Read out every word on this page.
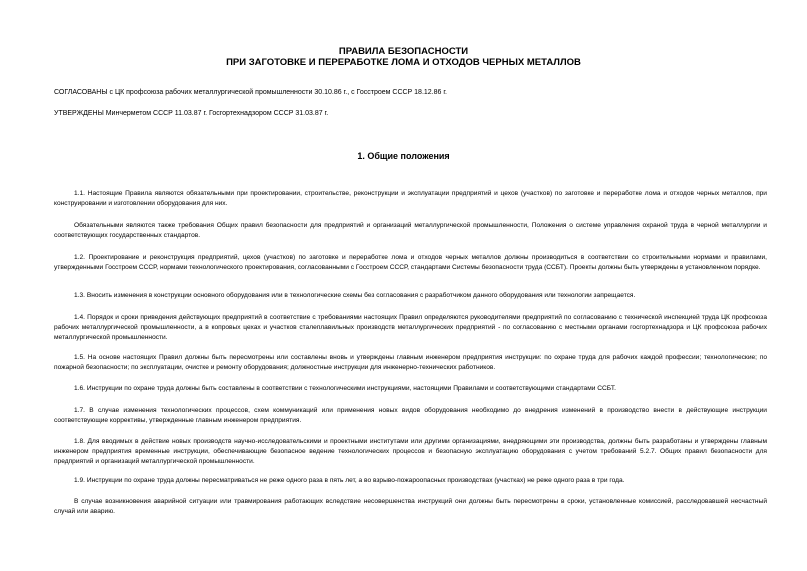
ПРАВИЛА БЕЗОПАСНОСТИ
ПРИ ЗАГОТОВКЕ И ПЕРЕРАБОТКЕ ЛОМА И ОТХОДОВ ЧЕРНЫХ МЕТАЛЛОВ
СОГЛАСОВАНЫ с ЦК профсоюза рабочих металлургической промышленности 30.10.86 г., с Госстроем СССР 18.12.86 г.
УТВЕРЖДЕНЫ Минчерметом СССР 11.03.87 г. Госгортехнадзором СССР 31.03.87 г.
1. Общие положения
1.1. Настоящие Правила являются обязательными при проектировании, строительстве, реконструкции и эксплуатации предприятий и цехов (участков) по заготовке и переработке лома и отходов черных металлов, при конструировании и изготовлении оборудования для них.
Обязательными являются также требования Общих правил безопасности для предприятий и организаций металлургической промышленности, Положения о системе управления охраной труда в черной металлургии и соответствующих государственных стандартов.
1.2. Проектирование и реконструкция предприятий, цехов (участков) по заготовке и переработке лома и отходов черных металлов должны производиться в соответствии со строительными нормами и правилами, утвержденными Госстроем СССР, нормами технологического проектирования, согласованными с Госстроем СССР, стандартами Системы безопасности труда (ССБТ). Проекты должны быть утверждены в установленном порядке.
1.3. Вносить изменения в конструкции основного оборудования или в технологические схемы без согласования с разработчиком данного оборудования или технологии запрещается.
1.4. Порядок и сроки приведения действующих предприятий в соответствие с требованиями настоящих Правил определяются руководителями предприятий по согласованию с технической инспекцией труда ЦК профсоюза рабочих металлургической промышленности, а в копровых цехах и участков сталеплавильных производств металлургических предприятий - по согласованию с местными органами госгортехнадзора и ЦК профсоюза рабочих металлургической промышленности.
1.5. На основе настоящих Правил должны быть пересмотрены или составлены вновь и утверждены главным инженером предприятия инструкции: по охране труда для рабочих каждой профессии; технологические; по пожарной безопасности; по эксплуатации, очистке и ремонту оборудования; должностные инструкции для инженерно-технических работников.
1.6. Инструкции по охране труда должны быть составлены в соответствии с технологическими инструкциями, настоящими Правилами и соответствующими стандартами ССБТ.
1.7. В случае изменения технологических процессов, схем коммуникаций или применения новых видов оборудования необходимо до внедрения изменений в производство внести в действующие инструкции соответствующие коррективы, утвержденные главным инженером предприятия.
1.8. Для вводимых в действие новых производств научно-исследовательскими и проектными институтами или другими организациями, внедряющими эти производства, должны быть разработаны и утверждены главным инженером предприятия временные инструкции, обеспечивающие безопасное ведение технологических процессов и безопасную эксплуатацию оборудования с учетом требований 5.2.7. Общих правил безопасности для предприятий и организаций металлургической промышленности.
1.9. Инструкции по охране труда должны пересматриваться не реже одного раза в пять лет, а во взрыво-пожароопасных производствах (участках) не реже одного раза в три года.
В случае возникновения аварийной ситуации или травмирования работающих вследствие несовершенства инструкций они должны быть пересмотрены в сроки, установленные комиссией, расследовавшей несчастный случай или аварию.
